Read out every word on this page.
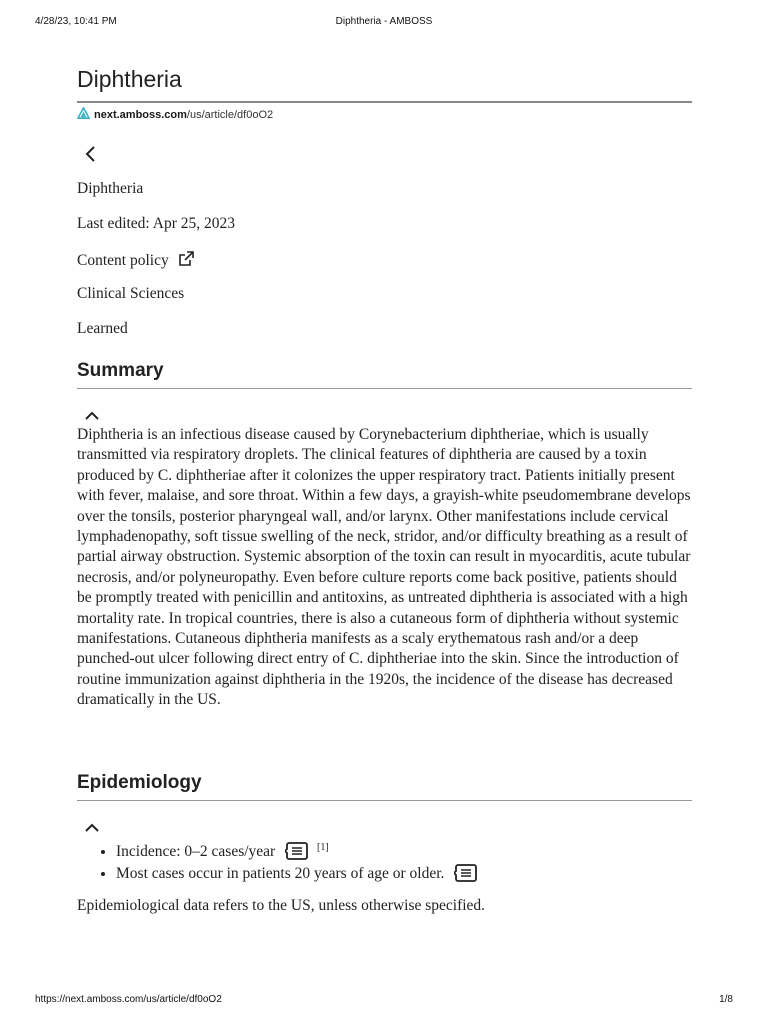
4/28/23, 10:41 PM	Diphtheria - AMBOSS
Diphtheria
next.amboss.com/us/article/df0oO2
Diphtheria
Last edited: Apr 25, 2023
Content policy
Clinical Sciences
Learned
Summary

Diphtheria is an infectious disease caused by Corynebacterium diphtheriae, which is usually transmitted via respiratory droplets. The clinical features of diphtheria are caused by a toxin produced by C. diphtheriae after it colonizes the upper respiratory tract. Patients initially present with fever, malaise, and sore throat. Within a few days, a grayish-white pseudomembrane develops over the tonsils, posterior pharyngeal wall, and/or larynx. Other manifestations include cervical lymphadenopathy, soft tissue swelling of the neck, stridor, and/or difficulty breathing as a result of partial airway obstruction. Systemic absorption of the toxin can result in myocarditis, acute tubular necrosis, and/or polyneuropathy. Even before culture reports come back positive, patients should be promptly treated with penicillin and antitoxins, as untreated diphtheria is associated with a high mortality rate. In tropical countries, there is also a cutaneous form of diphtheria without systemic manifestations. Cutaneous diphtheria manifests as a scaly erythematous rash and/or a deep punched-out ulcer following direct entry of C. diphtheriae into the skin. Since the introduction of routine immunization against diphtheria in the 1920s, the incidence of the disease has decreased dramatically in the US.

Epidemiology
• Incidence: 0–2 cases/year	[1]
• Most cases occur in patients 20 years of age or older.

Epidemiological data refers to the US, unless otherwise specified.

https://next.amboss.com/us/article/df0oO2	1/8
